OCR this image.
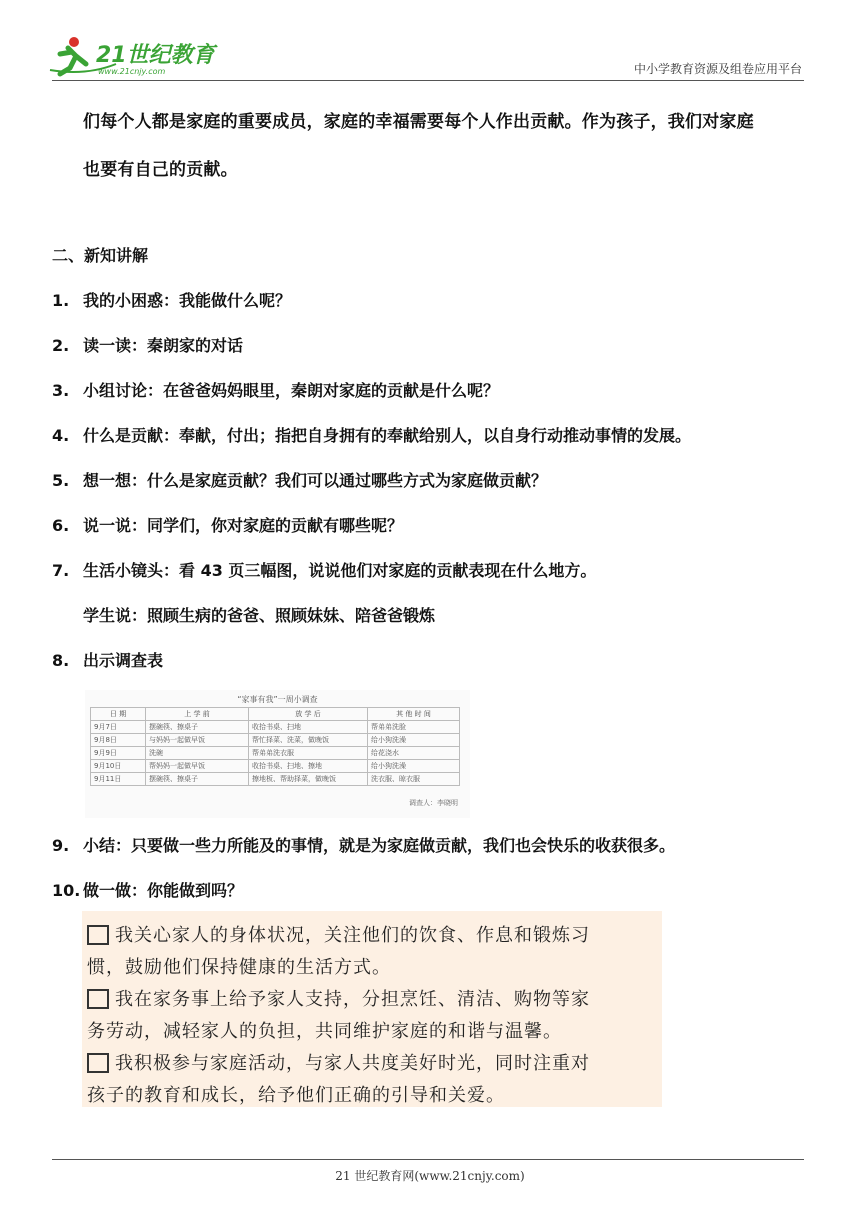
21世纪教育
www.21cnjy.com	中小学教育资源及组卷应用平台
们每个人都是家庭的重要成员，家庭的幸福需要每个人作出贡献。作为孩子，我们对家庭
也要有自己的贡献。
二、新知讲解
1. 我的小困惑：我能做什么呢？
2. 读一读：秦朗家的对话
3. 小组讨论：在爸爸妈妈眼里，秦朗对家庭的贡献是什么呢？
4. 什么是贡献：奉献，付出；指把自身拥有的奉献给别人，以自身行动推动事情的发展。
5. 想一想：什么是家庭贡献？我们可以通过哪些方式为家庭做贡献？
6. 说一说：同学们，你对家庭的贡献有哪些呢？
7. 生活小镜头：看 43 页三幅图，说说他们对家庭的贡献表现在什么地方。
学生说：照顾生病的爸爸、照顾妹妹、陪爸爸锻炼
8. 出示调查表
“家事有我”一周小调查
日 期	上 学 前	放 学 后	其 他 时 间
9月7日	摆碗筷、擦桌子	收拾书桌、扫地	帮弟弟洗脸
9月8日	与妈妈一起做早饭	帮忙择菜、洗菜，做晚饭	给小狗洗澡
9月9日	洗碗	帮弟弟洗衣服	给花浇水
9月10日	帮妈妈一起做早饭	收拾书桌、扫地、擦地	给小狗洗澡
9月11日	摆碗筷、擦桌子	擦地板、帮助择菜，做晚饭	洗衣服、晾衣服
调查人：李晓明
9. 小结：只要做一些力所能及的事情，就是为家庭做贡献，我们也会快乐的收获很多。
10. 做一做：你能做到吗？
我关心家人的身体状况，关注他们的饮食、作息和锻炼习
惯，鼓励他们保持健康的生活方式。
我在家务事上给予家人支持，分担烹饪、清洁、购物等家
务劳动，减轻家人的负担，共同维护家庭的和谐与温馨。
我积极参与家庭活动，与家人共度美好时光，同时注重对
孩子的教育和成长，给予他们正确的引导和关爱。
21 世纪教育网(www.21cnjy.com)
